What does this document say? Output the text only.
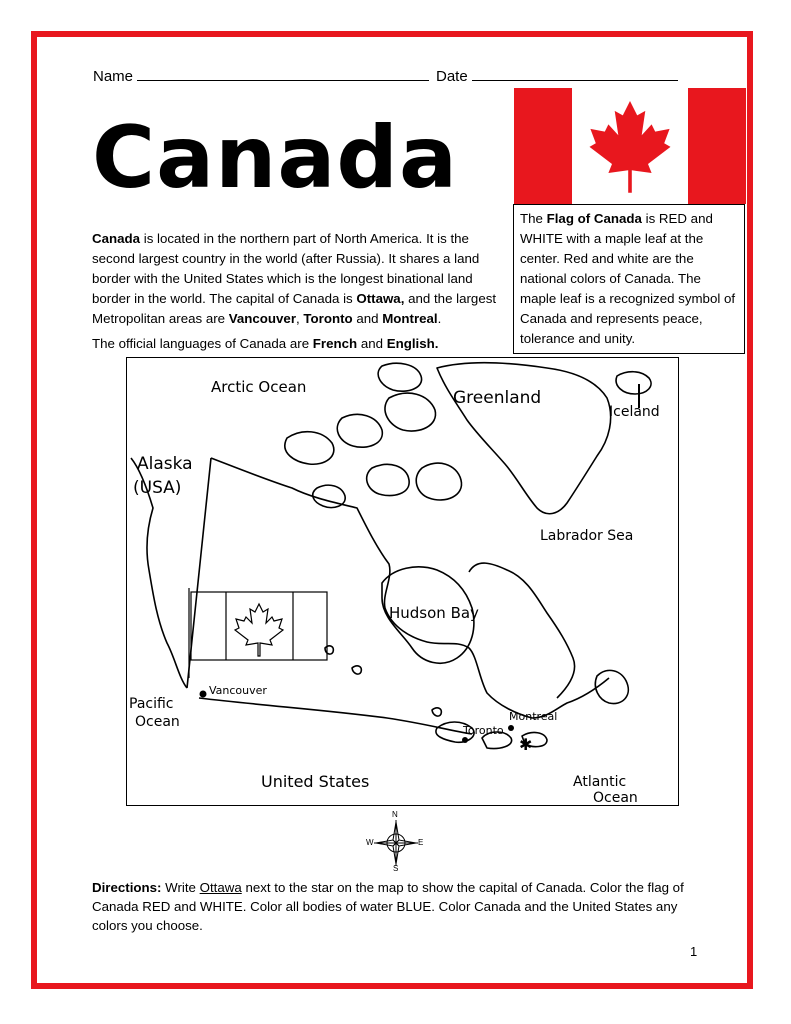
Name	Date
Canada
The Flag of Canada is RED and WHITE with a maple leaf at the center. Red and white are the national colors of Canada. The maple leaf is a recognized symbol of Canada and represents peace, tolerance and unity.
Canada is located in the northern part of North America. It is the second largest country in the world (after Russia). It shares a land border with the United States which is the longest binational land border in the world. The capital of Canada is Ottawa, and the largest Metropolitan areas are Vancouver, Toronto and Montreal.
The official languages of Canada are French and English.
✱
Arctic Ocean
Greenland
Iceland
Alaska
(USA)
Labrador Sea
Hudson Bay
Vancouver
Pacific
Ocean	Montreal
Toronto
United States	Atlantic
Ocean
N
S
E
W
Directions: Write Ottawa next to the star on the map to show the capital of Canada. Color the flag of Canada RED and WHITE. Color all bodies of water BLUE. Color Canada and the United States any colors you choose.
1
